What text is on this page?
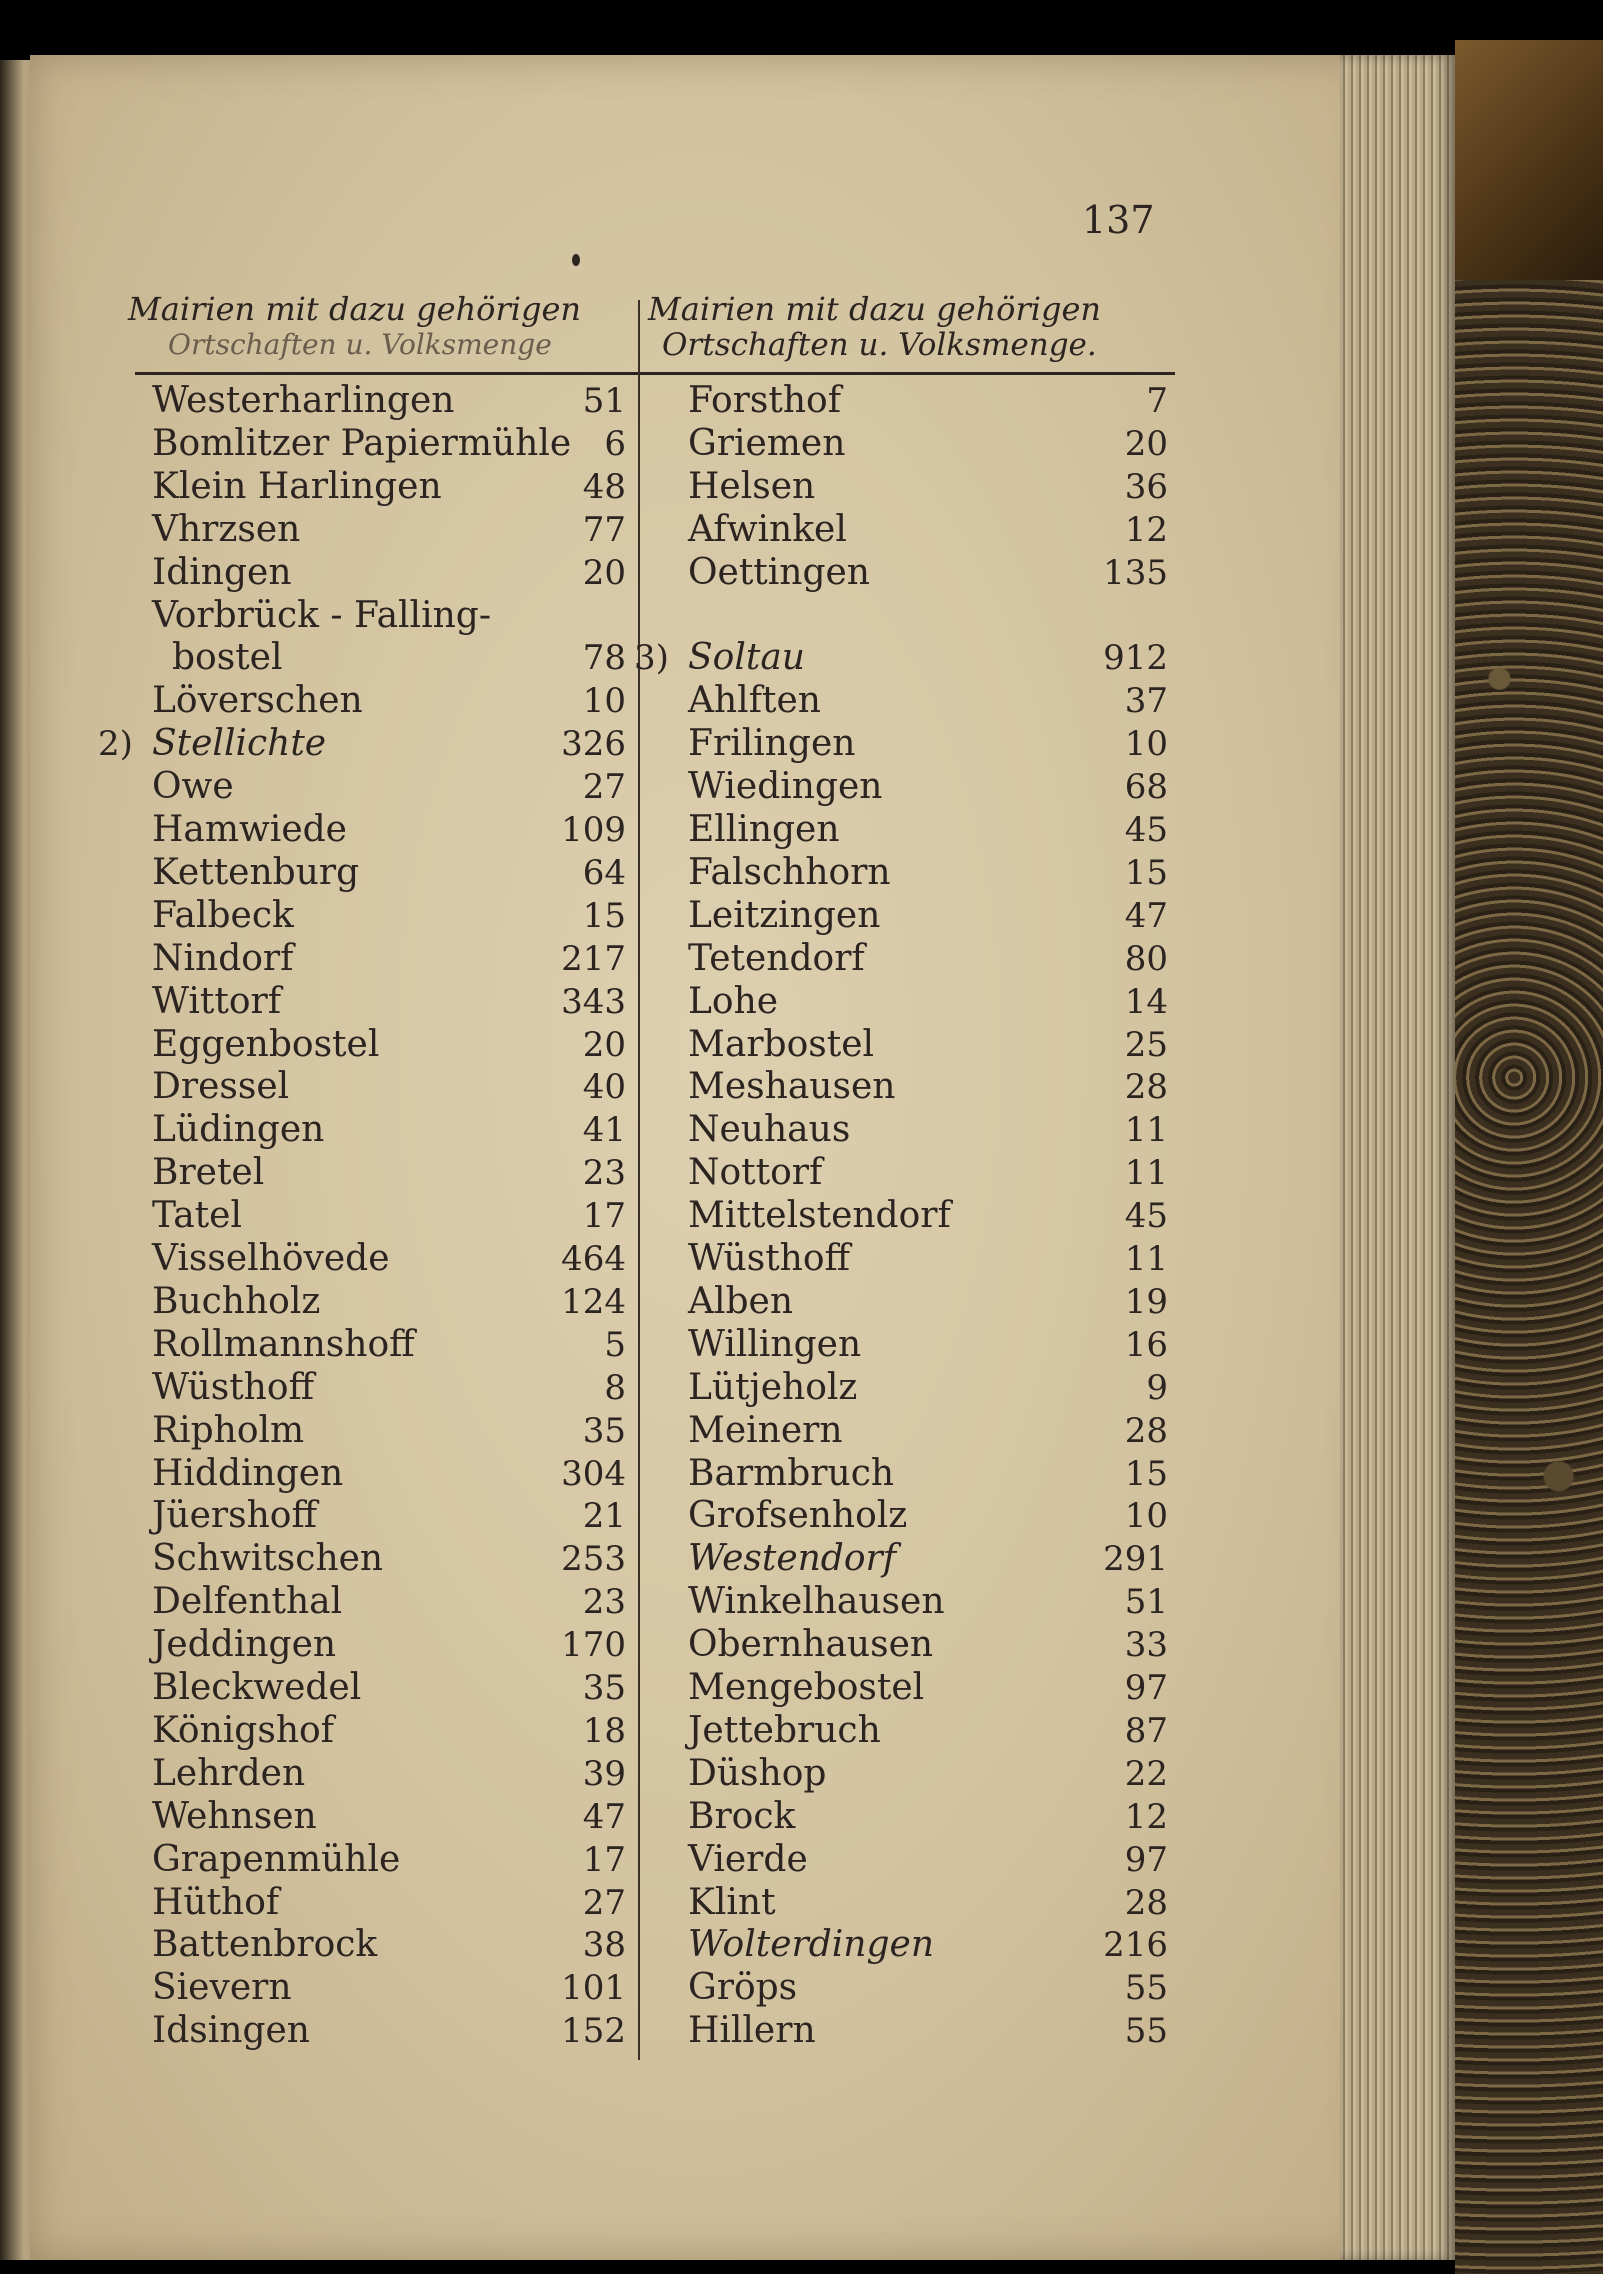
137
Mairien mit dazu gehörigen
Ortschaften u. Volksmenge
Mairien mit dazu gehörigen
Ortschaften u. Volksmenge.
Westerharlingen	51
Bomlitzer Papiermühle 6
Klein Harlingen	48
Vhrzsen	77
Idingen	20
Vorbrück - Falling-
bostel	78
Löverschen	10
2) Stellichte	326
Owe	27
Hamwiede	109
Kettenburg	64
Falbeck	15
Nindorf	217
Wittorf	343
Eggenbostel	20
Dressel	40
Lüdingen	41
Bretel	23
Tatel	17
Visselhövede	464
Buchholz	124
Rollmannshoff	5
Wüsthoff	8
Ripholm	35
Hiddingen	304
Jüershoff	21
Schwitschen	253
Delfenthal	23
Jeddingen	170
Bleckwedel	35
Königshof	18
Lehrden	39
Wehnsen	47
Grapenmühle	17
Hüthof	27
Battenbrock	38
Sievern	101
Idsingen	152
Forsthof	7
Griemen	20
Helsen	36
Afwinkel	12
Oettingen	135
3) Soltau	912
Ahlften	37
Frilingen	10
Wiedingen	68
Ellingen	45
Falschhorn	15
Leitzingen	47
Tetendorf	80
Lohe	14
Marbostel	25
Meshausen	28
Neuhaus	11
Nottorf	11
Mittelstendorf	45
Wüsthoff	11
Alben	19
Willingen	16
Lütjeholz	9
Meinern	28
Barmbruch	15
Grofsenholz	10
Westendorf	291
Winkelhausen	51
Obernhausen	33
Mengebostel	97
Jettebruch	87
Düshop	22
Brock	12
Vierde	97
Klint	28
Wolterdingen	216
Gröps	55
Hillern	55
